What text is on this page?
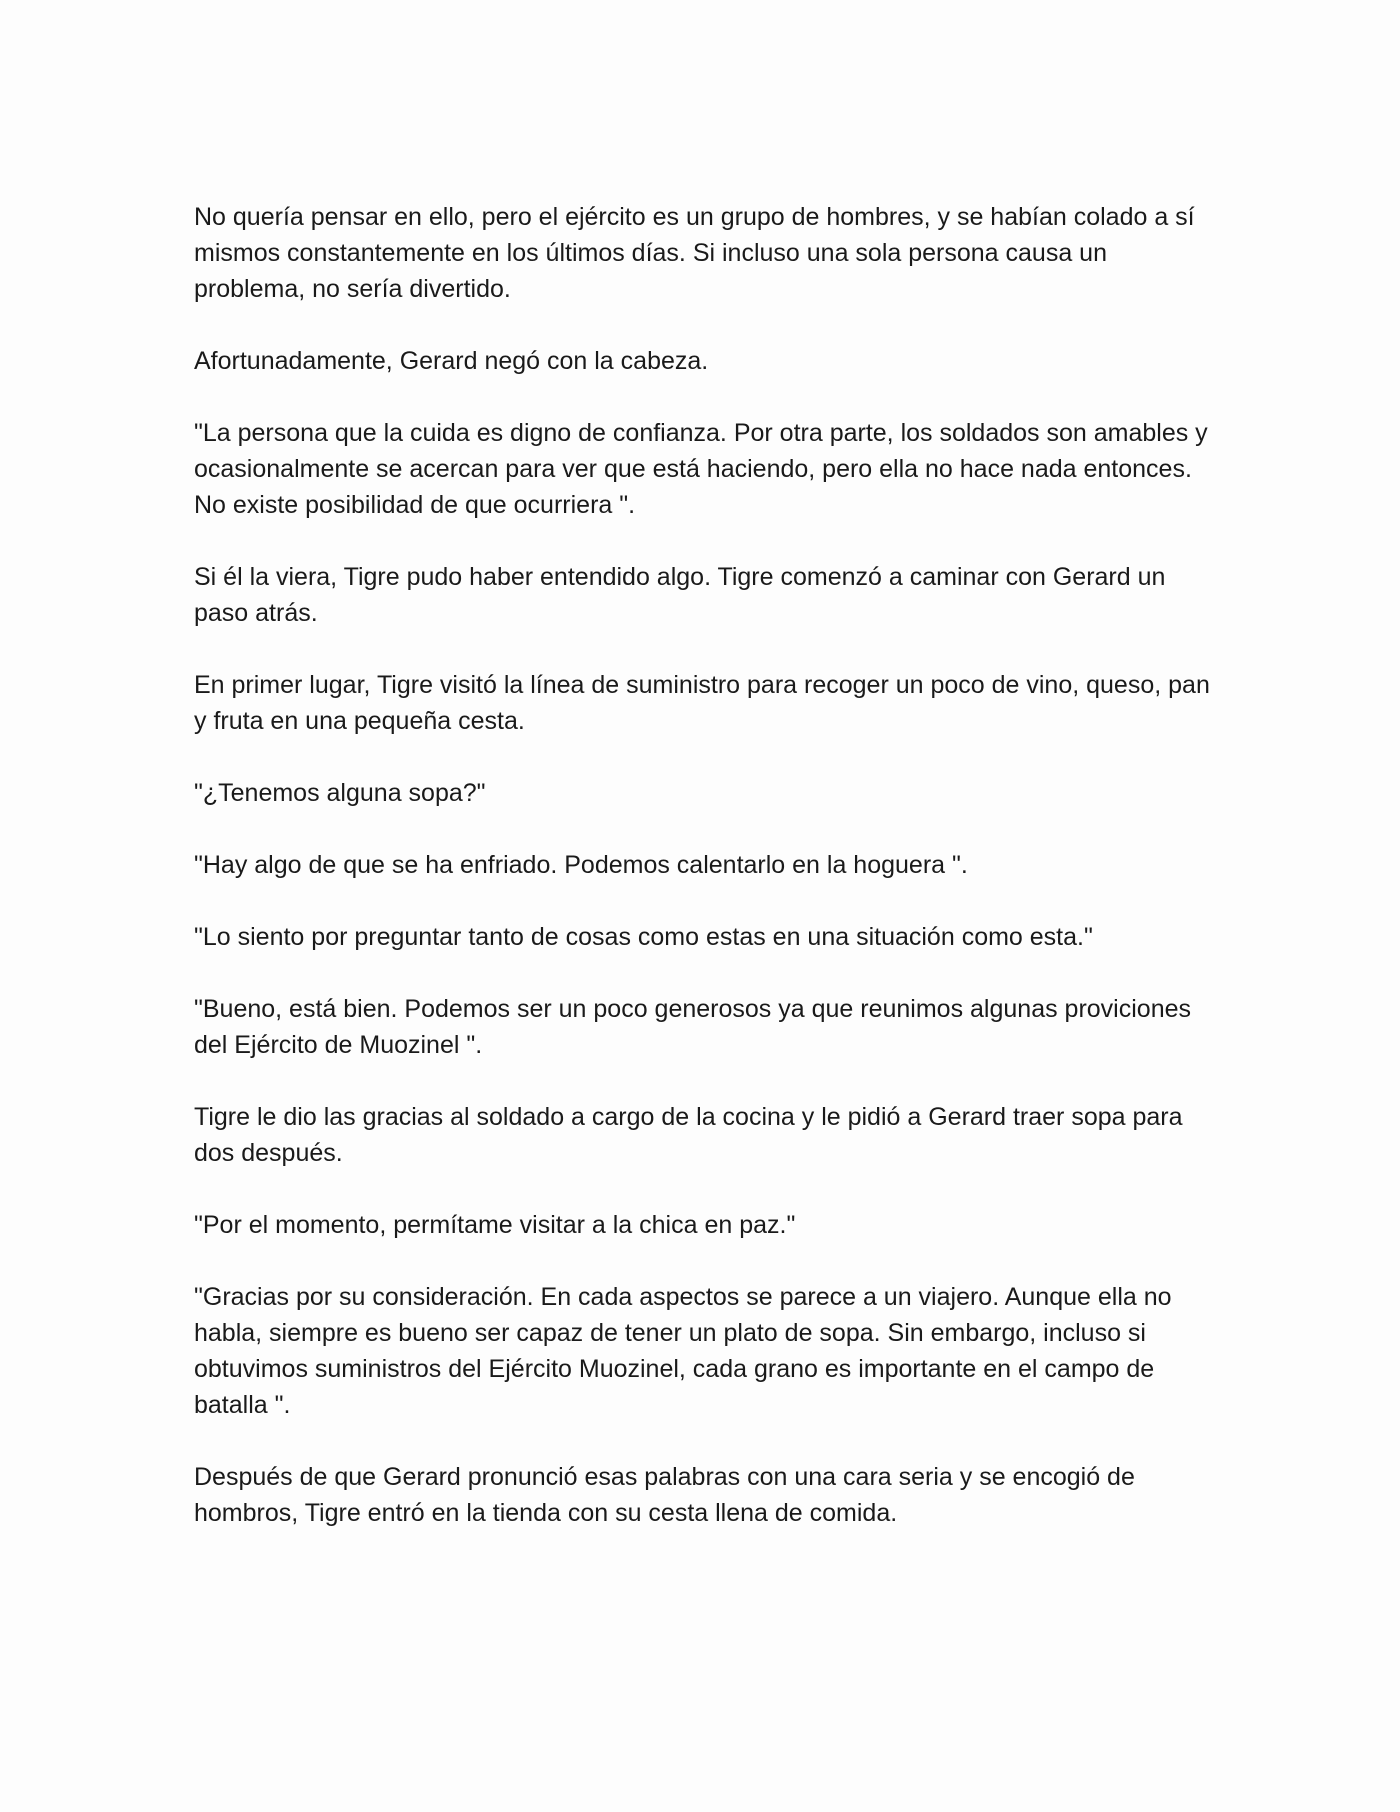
No quería pensar en ello, pero el ejército es un grupo de hombres, y se habían colado a sí mismos constantemente en los últimos días. Si incluso una sola persona causa un problema, no sería divertido.

Afortunadamente, Gerard negó con la cabeza.

"La persona que la cuida es digno de confianza. Por otra parte, los soldados son amables y ocasionalmente se acercan para ver que está haciendo, pero ella no hace nada entonces. No existe posibilidad de que ocurriera ".

Si él la viera, Tigre pudo haber entendido algo. Tigre comenzó a caminar con Gerard un paso atrás.

En primer lugar, Tigre visitó la línea de suministro para recoger un poco de vino, queso, pan y fruta en una pequeña cesta.

"¿Tenemos alguna sopa?"

"Hay algo de que se ha enfriado. Podemos calentarlo en la hoguera ".

"Lo siento por preguntar tanto de cosas como estas en una situación como esta."

"Bueno, está bien. Podemos ser un poco generosos ya que reunimos algunas proviciones del Ejército de Muozinel ".

Tigre le dio las gracias al soldado a cargo de la cocina y le pidió a Gerard traer sopa para dos después.

"Por el momento, permítame visitar a la chica en paz."

"Gracias por su consideración. En cada aspectos se parece a un viajero. Aunque ella no habla, siempre es bueno ser capaz de tener un plato de sopa. Sin embargo, incluso si obtuvimos suministros del Ejército Muozinel, cada grano es importante en el campo de batalla ".

Después de que Gerard pronunció esas palabras con una cara seria y se encogió de hombros, Tigre entró en la tienda con su cesta llena de comida.
